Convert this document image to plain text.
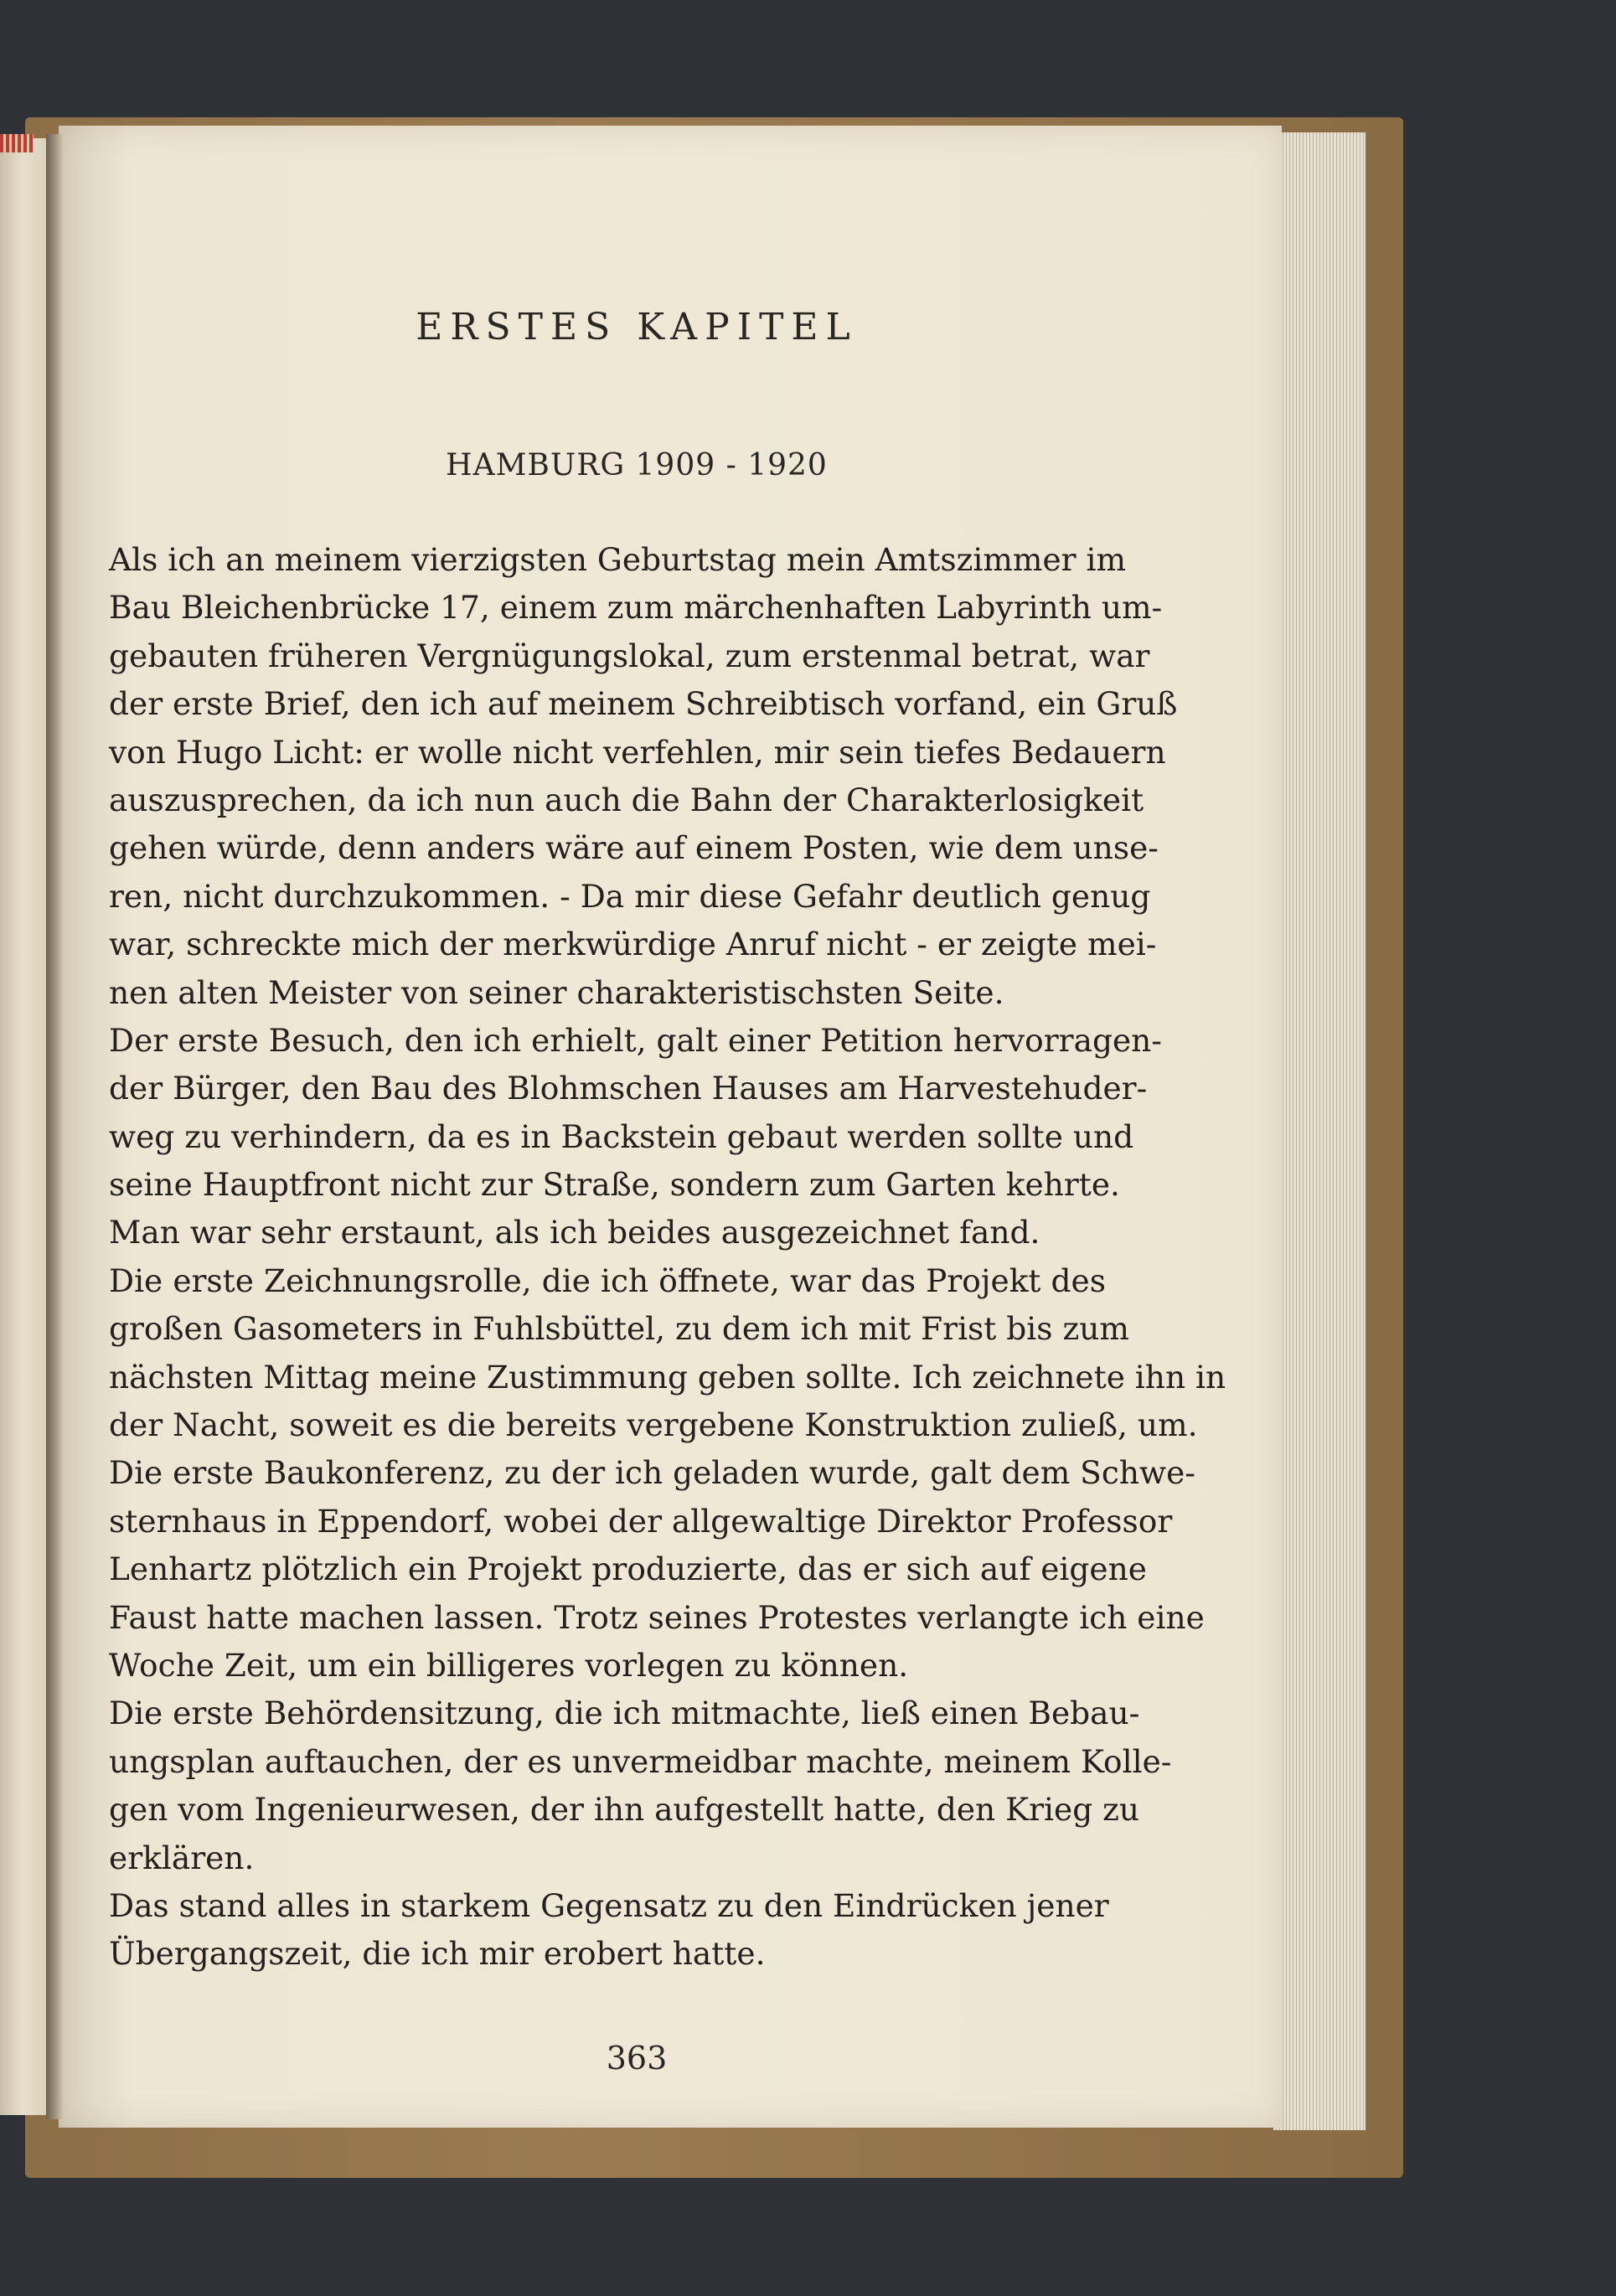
ERSTES KAPITEL
HAMBURG 1909 - 1920
Als ich an meinem vierzigsten Geburtstag mein Amtszimmer im
Bau Bleichenbrücke 17, einem zum märchenhaften Labyrinth um-
gebauten früheren Vergnügungslokal, zum erstenmal betrat, war
der erste Brief, den ich auf meinem Schreibtisch vorfand, ein Gruß
von Hugo Licht: er wolle nicht verfehlen, mir sein tiefes Bedauern
auszusprechen, da ich nun auch die Bahn der Charakterlosigkeit
gehen würde, denn anders wäre auf einem Posten, wie dem unse-
ren, nicht durchzukommen. - Da mir diese Gefahr deutlich genug
war, schreckte mich der merkwürdige Anruf nicht - er zeigte mei-
nen alten Meister von seiner charakteristischsten Seite.
Der erste Besuch, den ich erhielt, galt einer Petition hervorragen-
der Bürger, den Bau des Blohmschen Hauses am Harvestehuder-
weg zu verhindern, da es in Backstein gebaut werden sollte und
seine Hauptfront nicht zur Straße, sondern zum Garten kehrte.
Man war sehr erstaunt, als ich beides ausgezeichnet fand.
Die erste Zeichnungsrolle, die ich öffnete, war das Projekt des
großen Gasometers in Fuhlsbüttel, zu dem ich mit Frist bis zum
nächsten Mittag meine Zustimmung geben sollte. Ich zeichnete ihn in
der Nacht, soweit es die bereits vergebene Konstruktion zuließ, um.
Die erste Baukonferenz, zu der ich geladen wurde, galt dem Schwe-
sternhaus in Eppendorf, wobei der allgewaltige Direktor Professor
Lenhartz plötzlich ein Projekt produzierte, das er sich auf eigene
Faust hatte machen lassen. Trotz seines Protestes verlangte ich eine
Woche Zeit, um ein billigeres vorlegen zu können.
Die erste Behördensitzung, die ich mitmachte, ließ einen Bebau-
ungsplan auftauchen, der es unvermeidbar machte, meinem Kolle-
gen vom Ingenieurwesen, der ihn aufgestellt hatte, den Krieg zu
erklären.
Das stand alles in starkem Gegensatz zu den Eindrücken jener
Übergangszeit, die ich mir erobert hatte.
363
